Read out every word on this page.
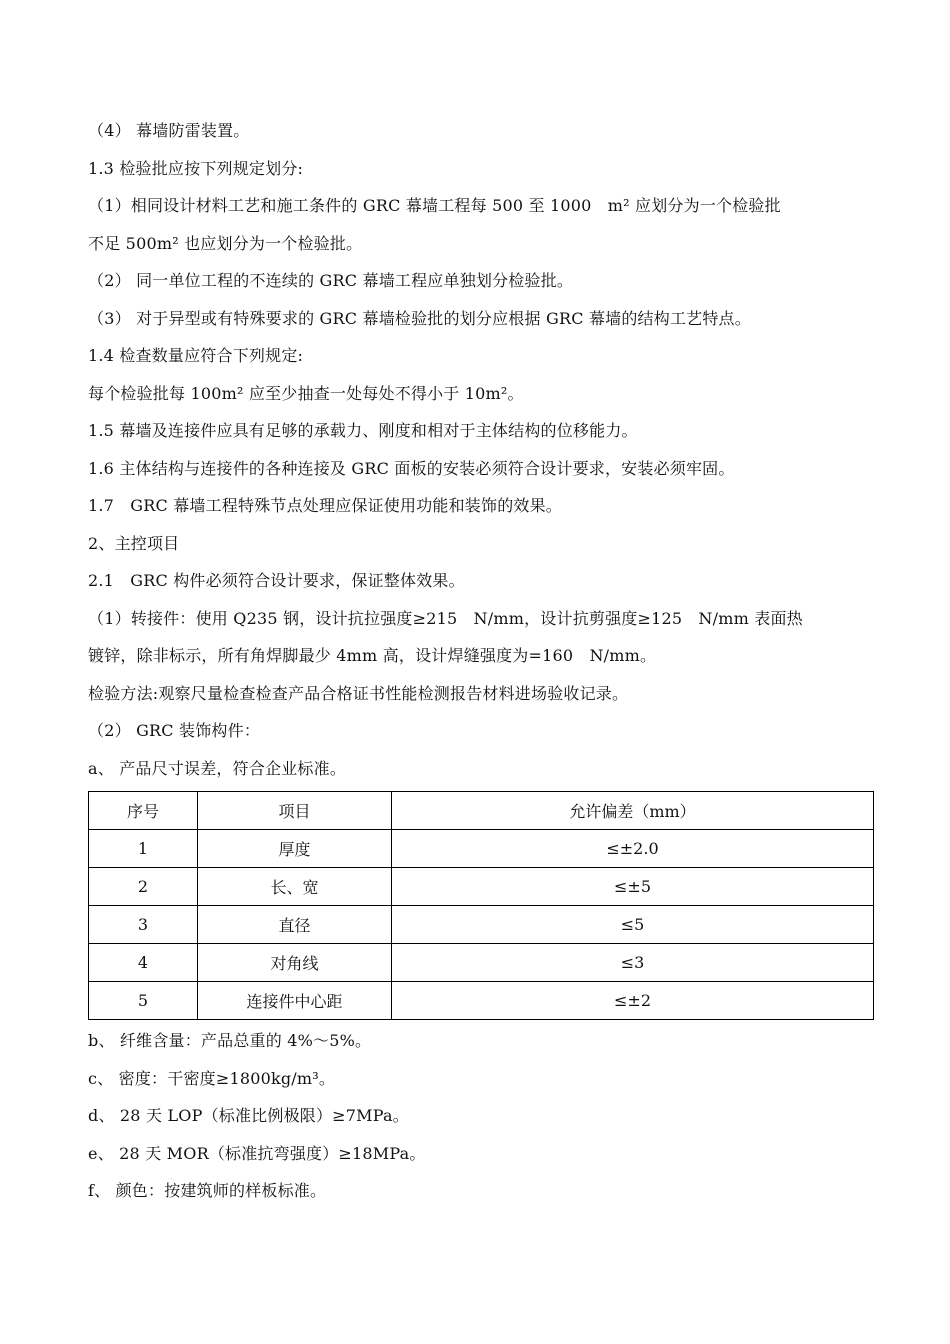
（4） 幕墙防雷装置。
1.3 检验批应按下列规定划分:
（1）相同设计材料工艺和施工条件的 GRC 幕墙工程每 500 至 1000　m² 应划分为一个检验批
不足 500m² 也应划分为一个检验批。
（2） 同一单位工程的不连续的 GRC 幕墙工程应单独划分检验批。
（3） 对于异型或有特殊要求的 GRC 幕墙检验批的划分应根据 GRC 幕墙的结构工艺特点。
1.4 检查数量应符合下列规定:
每个检验批每 100m² 应至少抽查一处每处不得小于 10m²。
1.5 幕墙及连接件应具有足够的承载力、刚度和相对于主体结构的位移能力。
1.6 主体结构与连接件的各种连接及 GRC 面板的安装必须符合设计要求，安装必须牢固。
1.7　GRC 幕墙工程特殊节点处理应保证使用功能和装饰的效果。
2、主控项目
2.1　GRC 构件必须符合设计要求，保证整体效果。
（1）转接件：使用 Q235 钢，设计抗拉强度≥215　N/mm，设计抗剪强度≥125　N/mm 表面热
镀锌，除非标示，所有角焊脚最少 4mm 高，设计焊缝强度为=160　N/mm。
检验方法:观察尺量检查检查产品合格证书性能检测报告材料进场验收记录。
（2） GRC 装饰构件：
a、 产品尺寸误差，符合企业标准。
序号	项目	允许偏差（mm）
1	厚度	≤±2.0
2	长、宽	≤±5
3	直径	≤5
4	对角线	≤3
5	连接件中心距	≤±2
b、 纤维含量：产品总重的 4%～5%。
c、 密度：干密度≥1800kg/m³。
d、 28 天 LOP（标准比例极限）≥7MPa。
e、 28 天 MOR（标准抗弯强度）≥18MPa。
f、 颜色：按建筑师的样板标准。
